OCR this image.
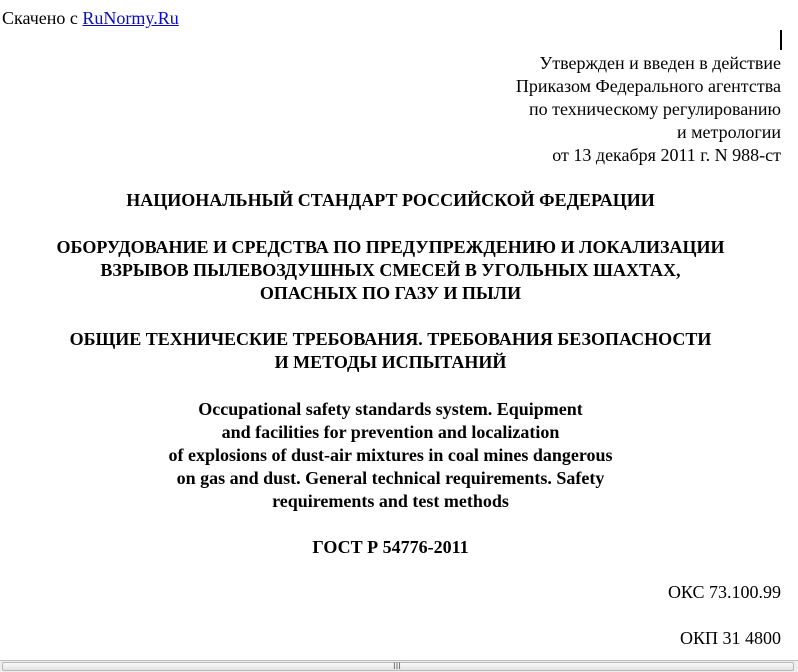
Скачено с RuNormy.Ru
Утвержден и введен в действие
Приказом Федерального агентства
по техническому регулированию
и метрологии
от 13 декабря 2011 г. N 988-ст
НАЦИОНАЛЬНЫЙ СТАНДАРТ РОССИЙСКОЙ ФЕДЕРАЦИИ
ОБОРУДОВАНИЕ И СРЕДСТВА ПО ПРЕДУПРЕЖДЕНИЮ И ЛОКАЛИЗАЦИИ
ВЗРЫВОВ ПЫЛЕВОЗДУШНЫХ СМЕСЕЙ В УГОЛЬНЫХ ШАХТАХ,
ОПАСНЫХ ПО ГАЗУ И ПЫЛИ
ОБЩИЕ ТЕХНИЧЕСКИЕ ТРЕБОВАНИЯ. ТРЕБОВАНИЯ БЕЗОПАСНОСТИ
И МЕТОДЫ ИСПЫТАНИЙ
Occupational safety standards system. Equipment
and facilities for prevention and localization
of explosions of dust-air mixtures in coal mines dangerous
on gas and dust. General technical requirements. Safety
requirements and test methods
ГОСТ Р 54776-2011
ОКС 73.100.99
ОКП 31 4800
III
